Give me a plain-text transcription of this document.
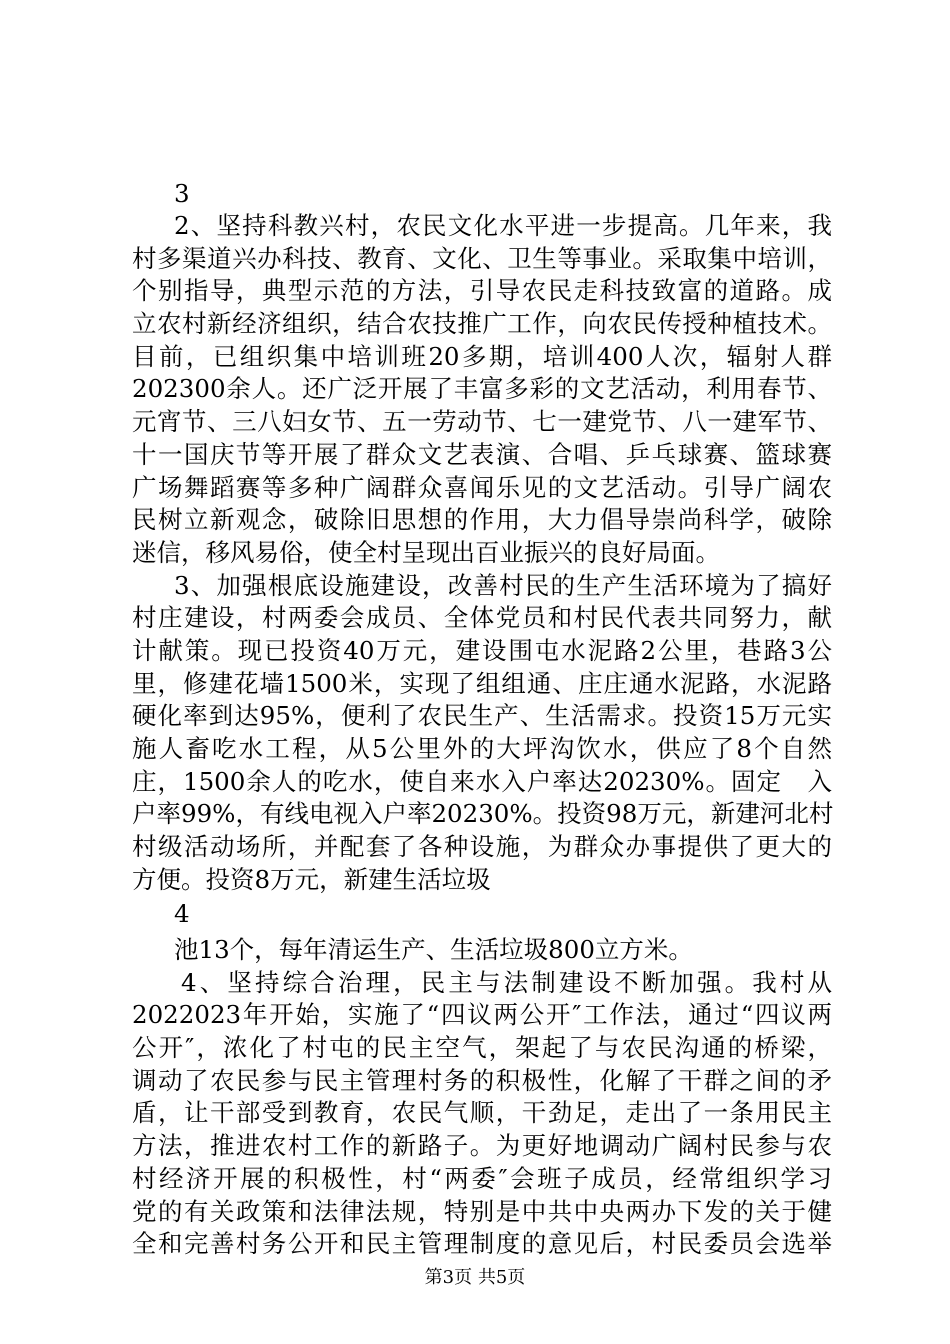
3
2、坚持科教兴村，农民文化水平进一步提高。几年来，我
村多渠道兴办科技、教育、文化、卫生等事业。采取集中培训，
个别指导，典型示范的方法，引导农民走科技致富的道路。成
立农村新经济组织，结合农技推广工作，向农民传授种植技术。
目前，已组织集中培训班20多期，培训400人次，辐射人群
202300余人。还广泛开展了丰富多彩的文艺活动，利用春节、
元宵节、三八妇女节、五一劳动节、七一建党节、八一建军节、
十一国庆节等开展了群众文艺表演、合唱、乒乓球赛、篮球赛
广场舞蹈赛等多种广阔群众喜闻乐见的文艺活动。引导广阔农
民树立新观念，破除旧思想的作用，大力倡导崇尚科学，破除
迷信，移风易俗，使全村呈现出百业振兴的良好局面。
3、加强根底设施建设，改善村民的生产生活环境为了搞好
村庄建设，村两委会成员、全体党员和村民代表共同努力，献
计献策。现已投资40万元，建设围屯水泥路2公里，巷路3公
里，修建花墙1500米，实现了组组通、庄庄通水泥路，水泥路
硬化率到达95%，便利了农民生产、生活需求。投资15万元实
施人畜吃水工程，从5公里外的大坪沟饮水，供应了8个自然
庄，1500余人的吃水，使自来水入户率达20230%。固定　入
户率99%，有线电视入户率20230%。投资98万元，新建河北村
村级活动场所，并配套了各种设施，为群众办事提供了更大的
方便。投资8万元，新建生活垃圾
4
池13个，每年清运生产、生活垃圾800立方米。
4、坚持综合治理，民主与法制建设不断加强。我村从
2022023年开始，实施了“四议两公开″工作法，通过“四议两
公开″，浓化了村屯的民主空气，架起了与农民沟通的桥梁，
调动了农民参与民主管理村务的积极性，化解了干群之间的矛
盾，让干部受到教育，农民气顺，干劲足，走出了一条用民主
方法，推进农村工作的新路子。为更好地调动广阔村民参与农
村经济开展的积极性，村“两委″会班子成员，经常组织学习
党的有关政策和法律法规，特别是中共中央两办下发的关于健
全和完善村务公开和民主管理制度的意见后，村民委员会选举
第3页 共5页
